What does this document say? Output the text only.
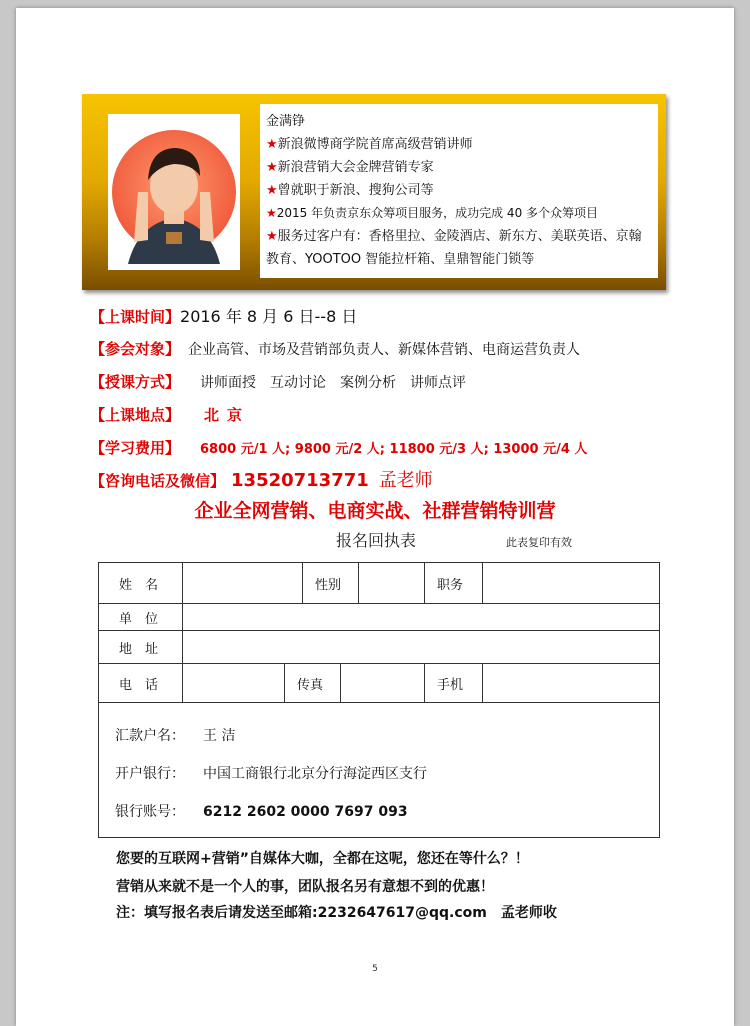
金满铮
★新浪微博商学院首席高级营销讲师
★新浪营销大会金牌营销专家
★曾就职于新浪、搜狗公司等
★2015 年负责京东众筹项目服务，成功完成 40 多个众筹项目
★服务过客户有：香格里拉、金陵酒店、新东方、美联英语、京翰教育、YOOTOO 智能拉杆箱、皇鼎智能门锁等
【上课时间】2016 年 8 月 6 日--8 日
【参会对象】 企业高管、市场及营销部负责人、新媒体营销、电商运营负责人
【授课方式】 讲师面授　互动讨论　案例分析　讲师点评
【上课地点】 北京
【学习费用】 6800 元/1 人; 9800 元/2 人; 11800 元/3 人; 13000 元/4 人
【咨询电话及微信】 13520713771 孟老师
企业全网营销、电商实战、社群营销特训营
报名回执表	此表复印有效
姓　名	性别	职务
单　位
地　址
电　话	传真	手机
汇款户名： 王 洁
开户银行： 中国工商银行北京分行海淀西区支行
银行账号： 6212 2602 0000 7697 093
您要的互联网+营销”自媒体大咖，全都在这呢，您还在等什么？！
营销从来就不是一个人的事，团队报名另有意想不到的优惠！
注：填写报名表后请发送至邮箱:2232647617@qq.com　孟老师收
5
